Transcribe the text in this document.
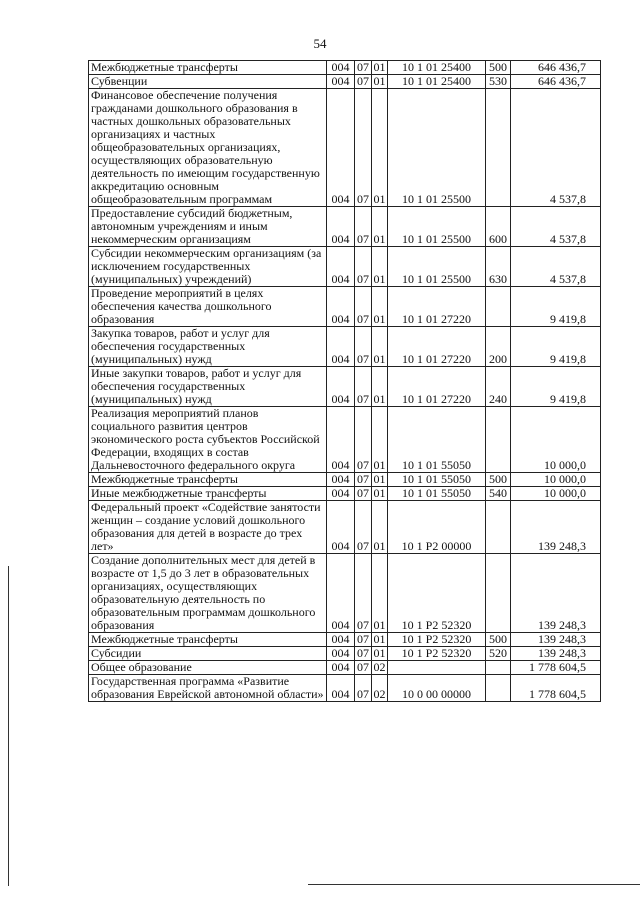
54
Межбюджетные трансферты	004	07	01	10 1 01 25400	500	646 436,7
Субвенции	004	07	01	10 1 01 25400	530	646 436,7
Финансовое обеспечение получения гражданами дошкольного образования в частных дошкольных образовательных организациях и частных общеобразовательных организациях, осуществляющих образовательную деятельность по имеющим государственную аккредитацию основным общеобразовательным программам	004	07	01	10 1 01 25500		4 537,8
Предоставление субсидий бюджетным, автономным учреждениям и иным некоммерческим организациям	004	07	01	10 1 01 25500	600	4 537,8
Субсидии некоммерческим организациям (за исключением государственных (муниципальных) учреждений)	004	07	01	10 1 01 25500	630	4 537,8
Проведение мероприятий в целях обеспечения качества дошкольного образования	004	07	01	10 1 01 27220		9 419,8
Закупка товаров, работ и услуг для обеспечения государственных (муниципальных) нужд	004	07	01	10 1 01 27220	200	9 419,8
Иные закупки товаров, работ и услуг для обеспечения государственных (муниципальных) нужд	004	07	01	10 1 01 27220	240	9 419,8
Реализация мероприятий планов социального развития центров экономического роста субъектов Российской Федерации, входящих в состав Дальневосточного федерального округа	004	07	01	10 1 01 55050		10 000,0
Межбюджетные трансферты	004	07	01	10 1 01 55050	500	10 000,0
Иные межбюджетные трансферты	004	07	01	10 1 01 55050	540	10 000,0
Федеральный проект «Содействие занятости женщин – создание условий дошкольного образования для детей в возрасте до трех лет»	004	07	01	10 1 P2 00000		139 248,3
Создание дополнительных мест для детей в возрасте от 1,5 до 3 лет в образовательных организациях, осуществляющих образовательную деятельность по образовательным программам дошкольного образования	004	07	01	10 1 P2 52320		139 248,3
Межбюджетные трансферты	004	07	01	10 1 P2 52320	500	139 248,3
Субсидии	004	07	01	10 1 P2 52320	520	139 248,3
Общее образование	004	07	02			1 778 604,5
Государственная программа «Развитие образования Еврейской автономной области»	004	07	02	10 0 00 00000		1 778 604,5
